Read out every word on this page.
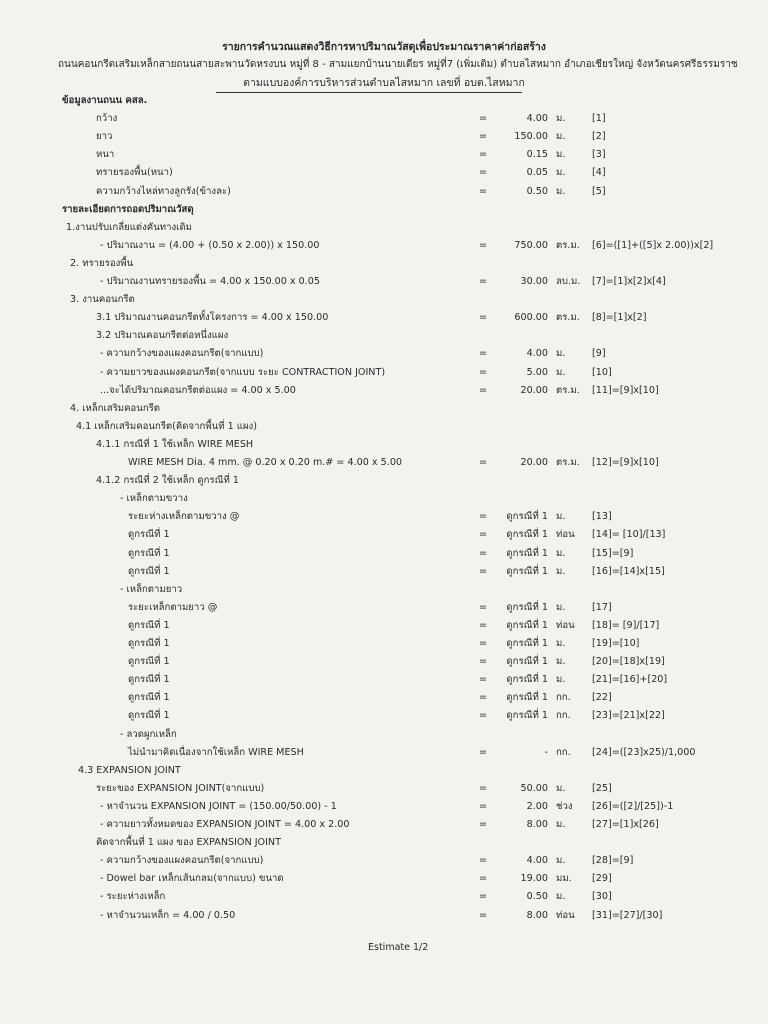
รายการคำนวณแสดงวิธีการหาปริมาณวัสดุเพื่อประมาณราคาค่าก่อสร้าง
ถนนคอนกรีตเสริมเหล็กสายถนนสายสะพานวัดหรงบน หมู่ที่ 8 - สามแยกบ้านนายเดียร หมู่ที่7 (เพิ่มเติม) ตำบลไสหมาก อำเภอเชียรใหญ่ จังหวัดนครศรีธรรมราช
ตามแบบองค์การบริหารส่วนตำบลไสหมาก เลขที่ อบต.ไสหมาก
ข้อมูลงานถนน คสล.
กว้าง	=	4.00 ม.	[1]
ยาว	=	150.00 ม.	[2]
หนา	=	0.15 ม.	[3]
ทรายรองพื้น(หนา)	=	0.05 ม.	[4]
ความกว้างไหล่ทางลูกรัง(ข้างละ)	=	0.50 ม.	[5]
รายละเอียดการถอดปริมาณวัสดุ
1.งานปรับเกลี่ยแต่งคันทางเดิม
- ปริมาณงาน = (4.00 + (0.50 x 2.00)) x 150.00	=	750.00 ตร.ม. [6]=([1]+([5]x 2.00))x[2]
2. ทรายรองพื้น
- ปริมาณงานทรายรองพื้น = 4.00 x 150.00 x 0.05	=	30.00 ลบ.ม. [7]=[1]x[2]x[4]
3. งานคอนกรีต
3.1 ปริมาณงานคอนกรีตทั้งโครงการ = 4.00 x 150.00	=	600.00 ตร.ม. [8]=[1]x[2]
3.2 ปริมาณคอนกรีตต่อหนึ่งแผง
- ความกว้างของแผงคอนกรีต(จากแบบ)	=	4.00 ม.	[9]
- ความยาวของแผงคอนกรีต(จากแบบ ระยะ CONTRACTION JOINT)	=	5.00 ม.	[10]
...จะได้ปริมาณคอนกรีตต่อแผง = 4.00 x 5.00	=	20.00 ตร.ม. [11]=[9]x[10]
4. เหล็กเสริมคอนกรีต
4.1 เหล็กเสริมคอนกรีต(คิดจากพื้นที่ 1 แผง)
4.1.1 กรณีที่ 1 ใช้เหล็ก WIRE MESH
WIRE MESH Dia. 4 mm. @ 0.20 x 0.20 m.# = 4.00 x 5.00	=	20.00 ตร.ม. [12]=[9]x[10]
4.1.2 กรณีที่ 2 ใช้เหล็ก ดูกรณีที่ 1
- เหล็กตามขวาง
ระยะห่างเหล็กตามขวาง @	=	ดูกรณีที่ 1 ม.	[13]
ดูกรณีที่ 1	=	ดูกรณีที่ 1 ท่อน [14]= [10]/[13]
ดูกรณีที่ 1	=	ดูกรณีที่ 1 ม.	[15]=[9]
ดูกรณีที่ 1	=	ดูกรณีที่ 1 ม.	[16]=[14]x[15]
- เหล็กตามยาว
ระยะเหล็กตามยาว @	=	ดูกรณีที่ 1 ม.	[17]
ดูกรณีที่ 1	=	ดูกรณีที่ 1 ท่อน [18]= [9]/[17]
ดูกรณีที่ 1	=	ดูกรณีที่ 1 ม.	[19]=[10]
ดูกรณีที่ 1	=	ดูกรณีที่ 1 ม.	[20]=[18]x[19]
ดูกรณีที่ 1	=	ดูกรณีที่ 1 ม.	[21]=[16]+[20]
ดูกรณีที่ 1	=	ดูกรณีที่ 1 กก. [22]
ดูกรณีที่ 1	=	ดูกรณีที่ 1 กก. [23]=[21]x[22]
- ลวดผูกเหล็ก
ไม่นำมาคิดเนื่องจากใช้เหล็ก WIRE MESH	=	- กก. [24]=([23]x25)/1,000
4.3 EXPANSION JOINT
ระยะของ EXPANSION JOINT(จากแบบ)	=	50.00 ม.	[25]
- หาจำนวน EXPANSION JOINT = (150.00/50.00) - 1	=	2.00 ช่วง [26]=([2]/[25])-1
- ความยาวทั้งหมดของ EXPANSION JOINT = 4.00 x 2.00	=	8.00 ม.	[27]=[1]x[26]
คิดจากพื้นที่ 1 แผง ของ EXPANSION JOINT
- ความกว้างของแผงคอนกรีต(จากแบบ)	=	4.00 ม.	[28]=[9]
- Dowel bar เหล็กเส้นกลม(จากแบบ) ขนาด	=	19.00 มม. [29]
- ระยะห่างเหล็ก	=	0.50 ม.	[30]
- หาจำนวนเหล็ก = 4.00 / 0.50	=	8.00 ท่อน [31]=[27]/[30]
Estimate 1/2
